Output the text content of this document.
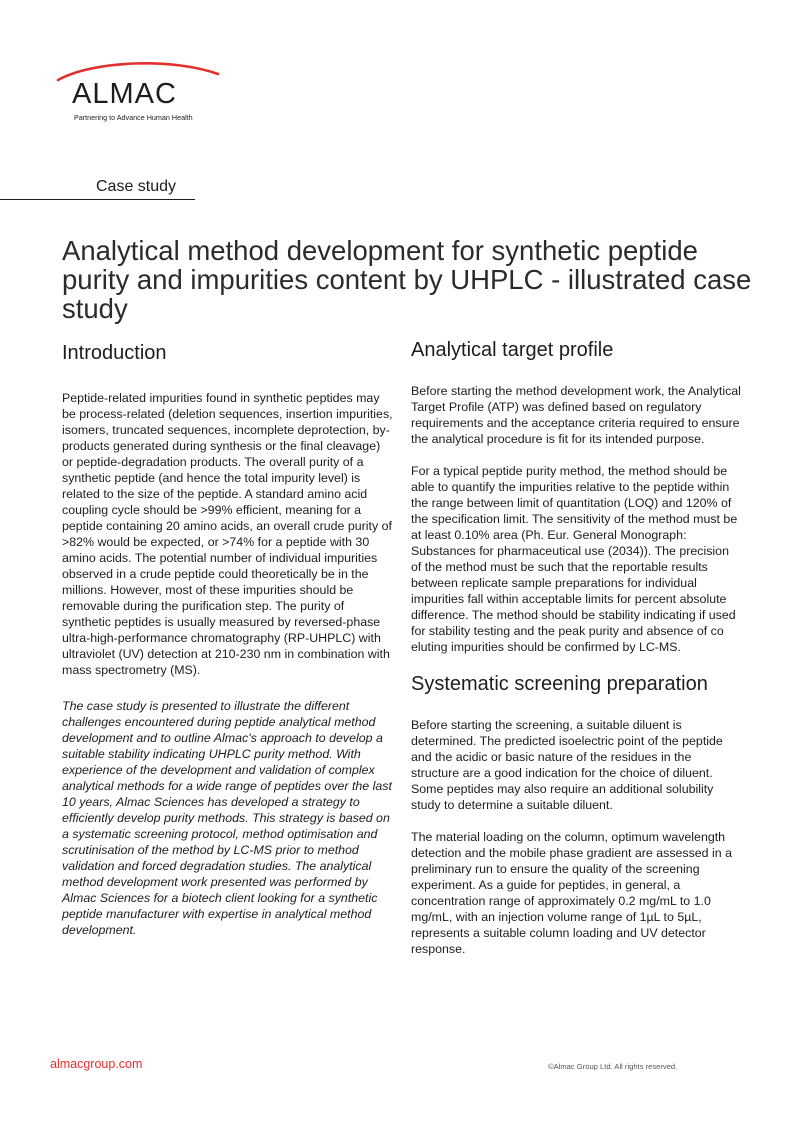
ALMAC
Partnering to Advance Human Health
Case study
Analytical method development for synthetic peptide purity and impurities content by UHPLC - illustrated case study
Introduction

Peptide-related impurities found in synthetic peptides may be process-related (deletion sequences, insertion impurities, isomers, truncated sequences, incomplete deprotection, by-products generated during synthesis or the final cleavage) or peptide-degradation products. The overall purity of a synthetic peptide (and hence the total impurity level) is related to the size of the peptide. A standard amino acid coupling cycle should be >99% efficient, meaning for a peptide containing 20 amino acids, an overall crude purity of >82% would be expected, or >74% for a peptide with 30 amino acids. The potential number of individual impurities observed in a crude peptide could theoretically be in the millions. However, most of these impurities should be removable during the purification step. The purity of synthetic peptides is usually measured by reversed-phase ultra-high-performance chromatography (RP-UHPLC) with ultraviolet (UV) detection at 210-230 nm in combination with mass spectrometry (MS).

The case study is presented to illustrate the different challenges encountered during peptide analytical method development and to outline Almac's approach to develop a suitable stability indicating UHPLC purity method. With experience of the development and validation of complex analytical methods for a wide range of peptides over the last 10 years, Almac Sciences has developed a strategy to efficiently develop purity methods. This strategy is based on a systematic screening protocol, method optimisation and scrutinisation of the method by LC-MS prior to method validation and forced degradation studies. The analytical method development work presented was performed by Almac Sciences for a biotech client looking for a synthetic peptide manufacturer with expertise in analytical method development.

Analytical target profile

Before starting the method development work, the Analytical Target Profile (ATP) was defined based on regulatory requirements and the acceptance criteria required to ensure the analytical procedure is fit for its intended purpose.

For a typical peptide purity method, the method should be able to quantify the impurities relative to the peptide within the range between limit of quantitation (LOQ) and 120% of the specification limit. The sensitivity of the method must be at least 0.10% area (Ph. Eur. General Monograph: Substances for pharmaceutical use (2034)). The precision of the method must be such that the reportable results between replicate sample preparations for individual impurities fall within acceptable limits for percent absolute difference. The method should be stability indicating if used for stability testing and the peak purity and absence of co eluting impurities should be confirmed by LC-MS.

Systematic screening preparation

Before starting the screening, a suitable diluent is determined. The predicted isoelectric point of the peptide and the acidic or basic nature of the residues in the structure are a good indication for the choice of diluent. Some peptides may also require an additional solubility study to determine a suitable diluent.

The material loading on the column, optimum wavelength detection and the mobile phase gradient are assessed in a preliminary run to ensure the quality of the screening experiment. As a guide for peptides, in general, a concentration range of approximately 0.2 mg/mL to 1.0 mg/mL, with an injection volume range of 1µL to 5µL, represents a suitable column loading and UV detector response.

almacgroup.com	©Almac Group Ltd. All rights reserved.
